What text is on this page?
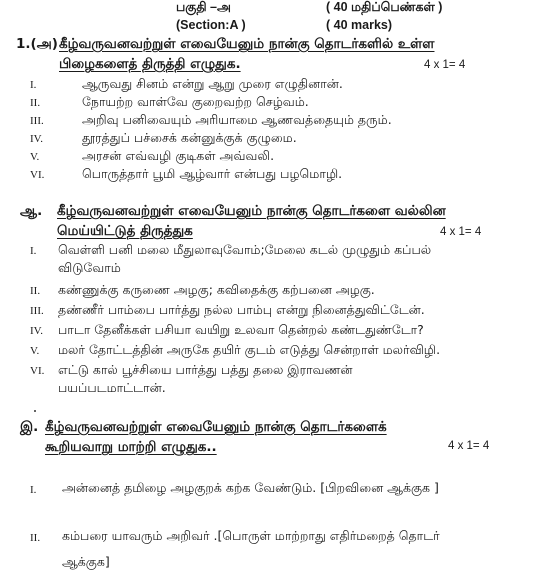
பகுதி –அ	( 40 மதிப்பெண்கள் )
(Section:A )	( 40 marks)
1.(அ) கீழ்வருவனவற்றுள் எவையேனும் நான்கு தொடர்களில் உள்ள
பிழைகளைத் திருத்தி எழுதுக.	4 x 1= 4
I.	ஆருவது சினம் என்று ஆறு முரை எழுதினான்.
II.	நோயற்ற வாள்வே குறைவற்ற செழ்வம்.
III.	அறிவு பனிவையும் அரியாமை ஆணவத்தையும் தரும்.
IV.	தூரத்துப் பச்சைக் கன்னுக்குக் குழுமை.
V.	அரசன் எவ்வழி குடிகள் அவ்வலி.
VI.	பொருத்தார் பூமி ஆழ்வார் என்பது பழமொழி.
ஆ. கீழ்வருவனவற்றுள் எவையேனும் நான்கு தொடர்களை வல்லின
மெய்யிட்டுத் திருத்துக	4 x 1= 4
I. வெள்ளி பனி மலை மீதுலாவுவோம்;மேலை கடல் முழுதும் கப்பல்
விடுவோம்
II. கண்ணுக்கு கருணை அழகு; கவிதைக்கு கற்பனை அழகு.
III. தண்ணீர் பாம்பை பார்த்து நல்ல பாம்பு என்று நினைத்துவிட்டேன்.
IV. பாடா தேனீக்கள் பசியா வயிறு உலவா தென்றல் கண்டதுண்டோ?
V. மலர் தோட்டத்தின் அருகே தயிர் குடம் எடுத்து சென்றாள் மலர்விழி.
VI. எட்டு கால் பூச்சியை பார்த்து பத்து தலை இராவணன்
பயப்படமாட்டான்.
இ. கீழ்வருவனவற்றுள் எவையேனும் நான்கு தொடர்களைக்
கூறியவாறு மாற்றி எழுதுக..	4 x 1= 4
I. அன்னைத் தமிழை அழகுறக் கற்க வேண்டும். [பிறவினை ஆக்குக ]
II. கம்பரை யாவரும் அறிவர் .[பொருள் மாற்றாது எதிர்மறைத் தொடர்
ஆக்குக]
